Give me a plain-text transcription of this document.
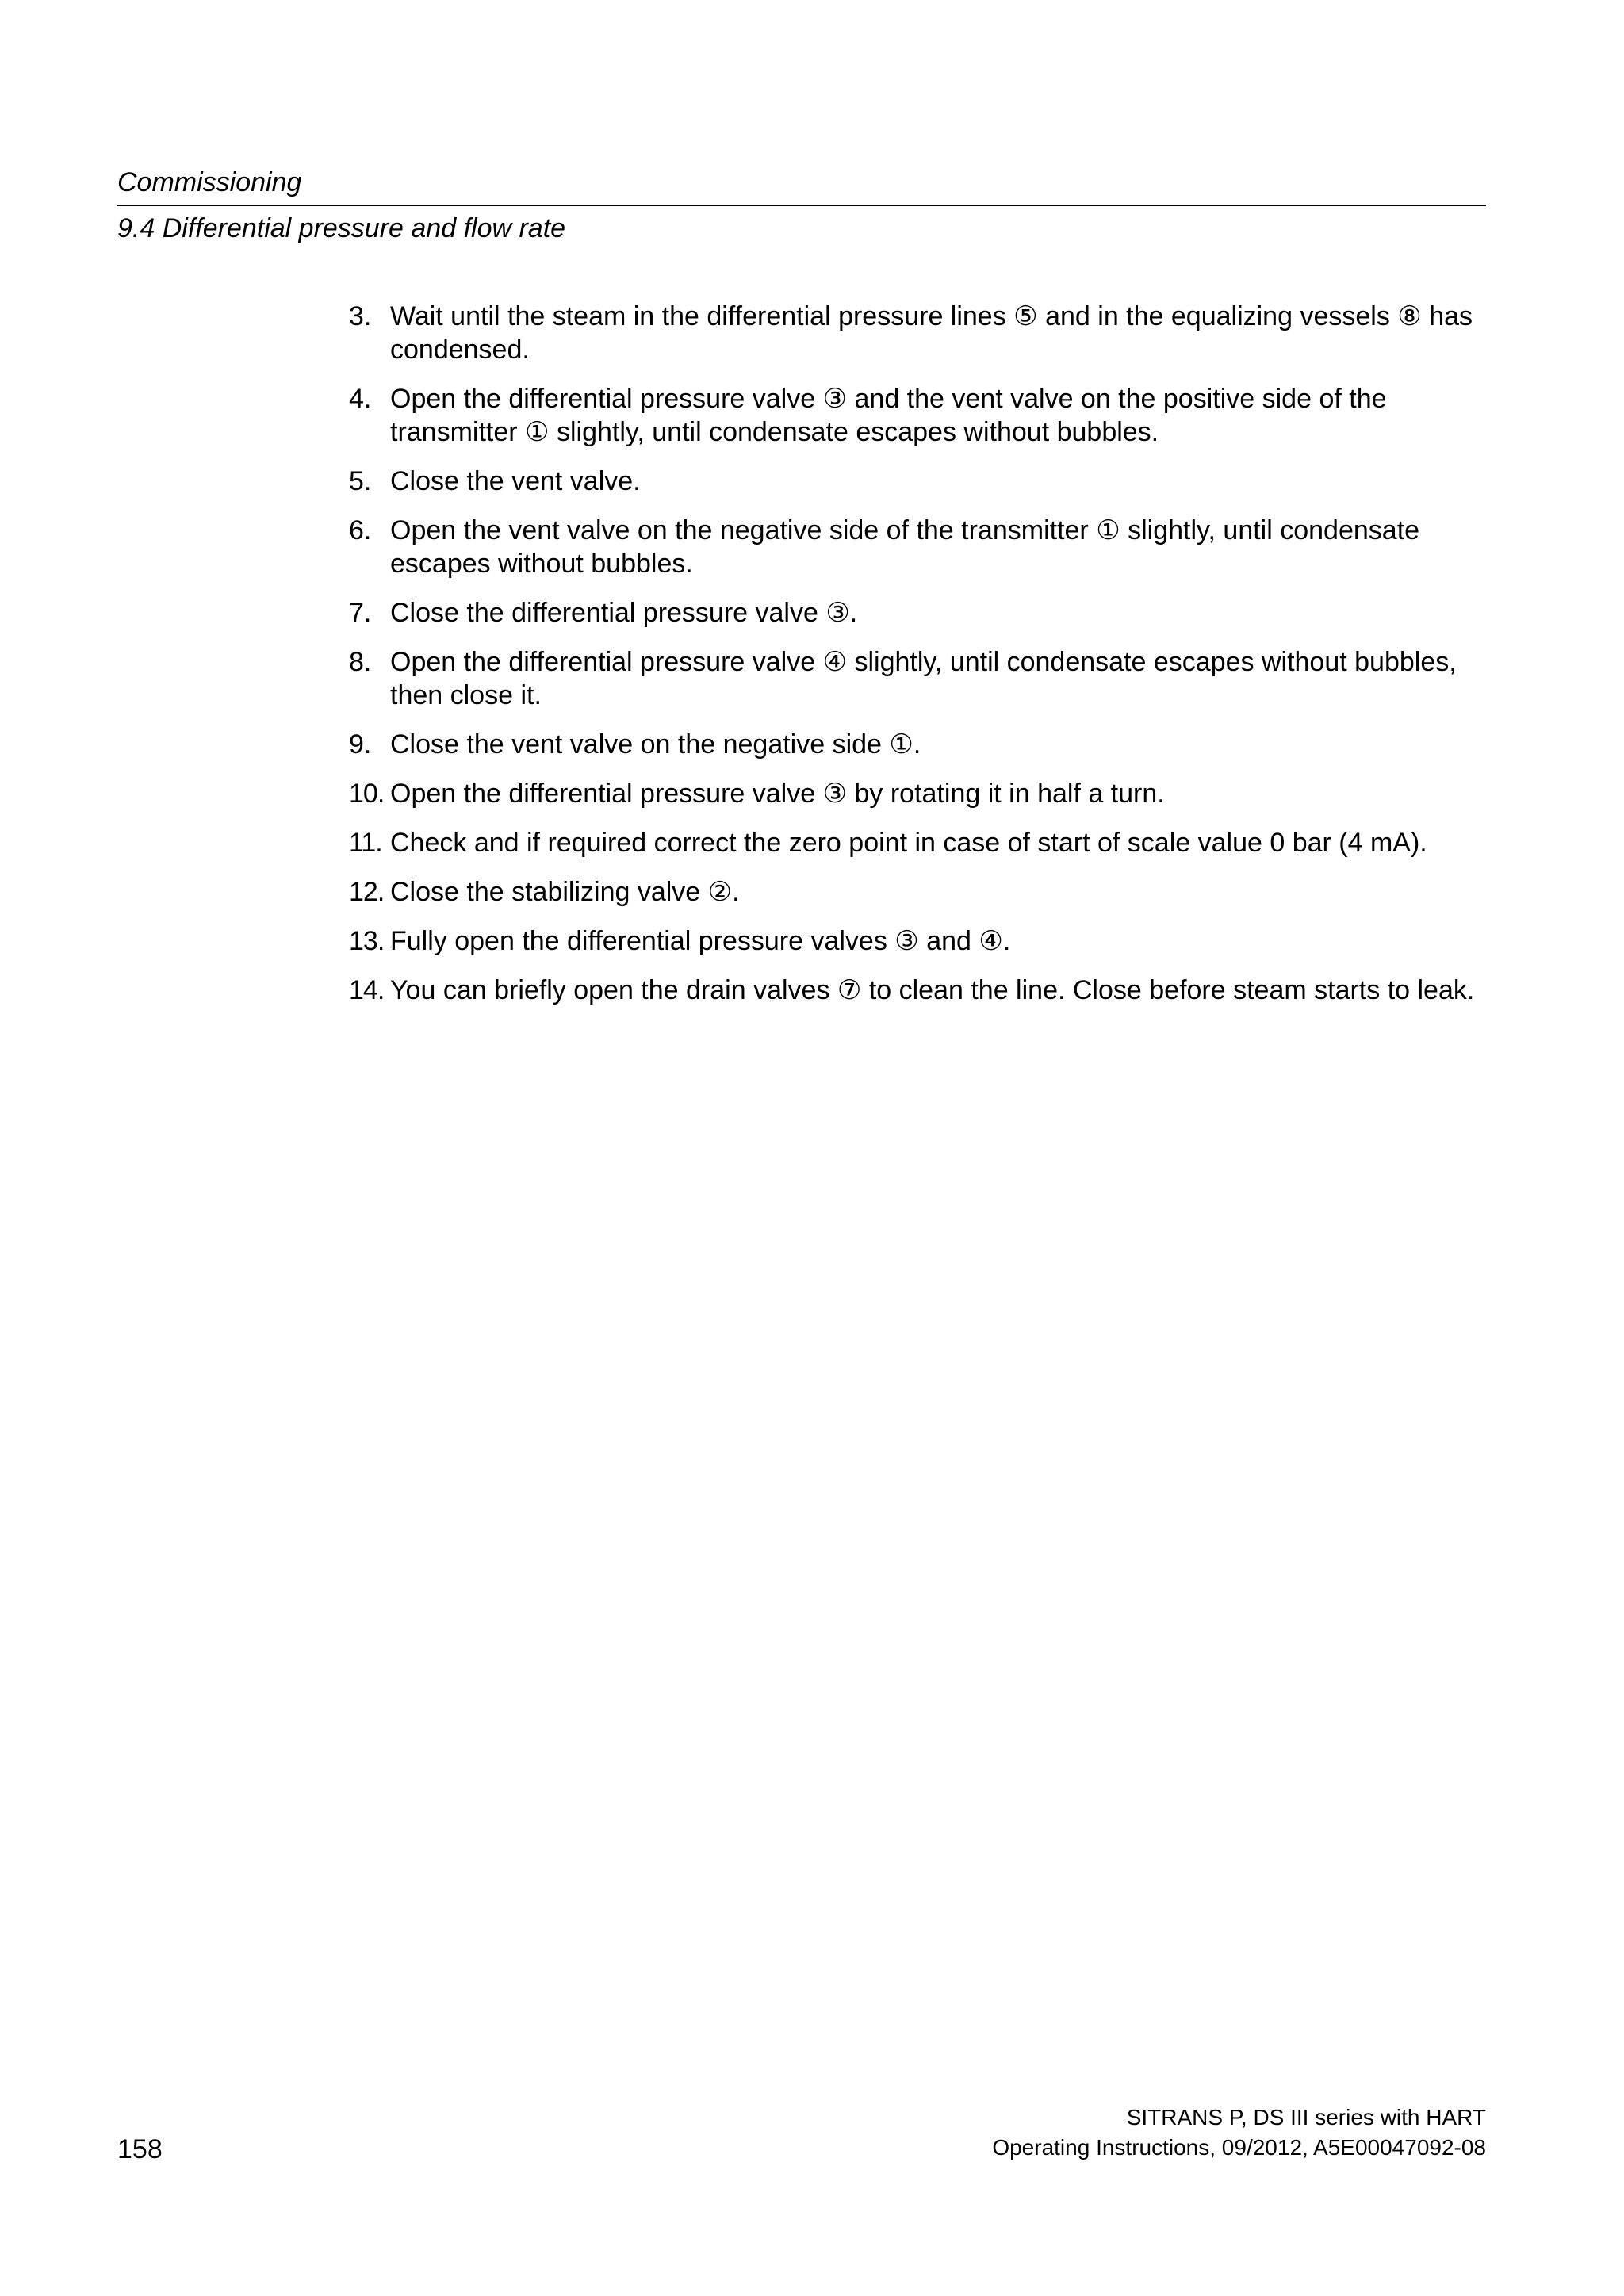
Commissioning
9.4 Differential pressure and flow rate
3. Wait until the steam in the differential pressure lines ⑤ and in the equalizing vessels ⑧ has condensed.
4. Open the differential pressure valve ③ and the vent valve on the positive side of the transmitter ① slightly, until condensate escapes without bubbles.
5. Close the vent valve.
6. Open the vent valve on the negative side of the transmitter ① slightly, until condensate escapes without bubbles.
7. Close the differential pressure valve ③.
8. Open the differential pressure valve ④ slightly, until condensate escapes without bubbles, then close it.
9. Close the vent valve on the negative side ①.
10. Open the differential pressure valve ③ by rotating it in half a turn.
11. Check and if required correct the zero point in case of start of scale value 0 bar (4 mA).
12. Close the stabilizing valve ②.
13. Fully open the differential pressure valves ③ and ④.
14. You can briefly open the drain valves ⑦ to clean the line. Close before steam starts to leak.
158
SITRANS P, DS III series with HART
Operating Instructions, 09/2012, A5E00047092-08
